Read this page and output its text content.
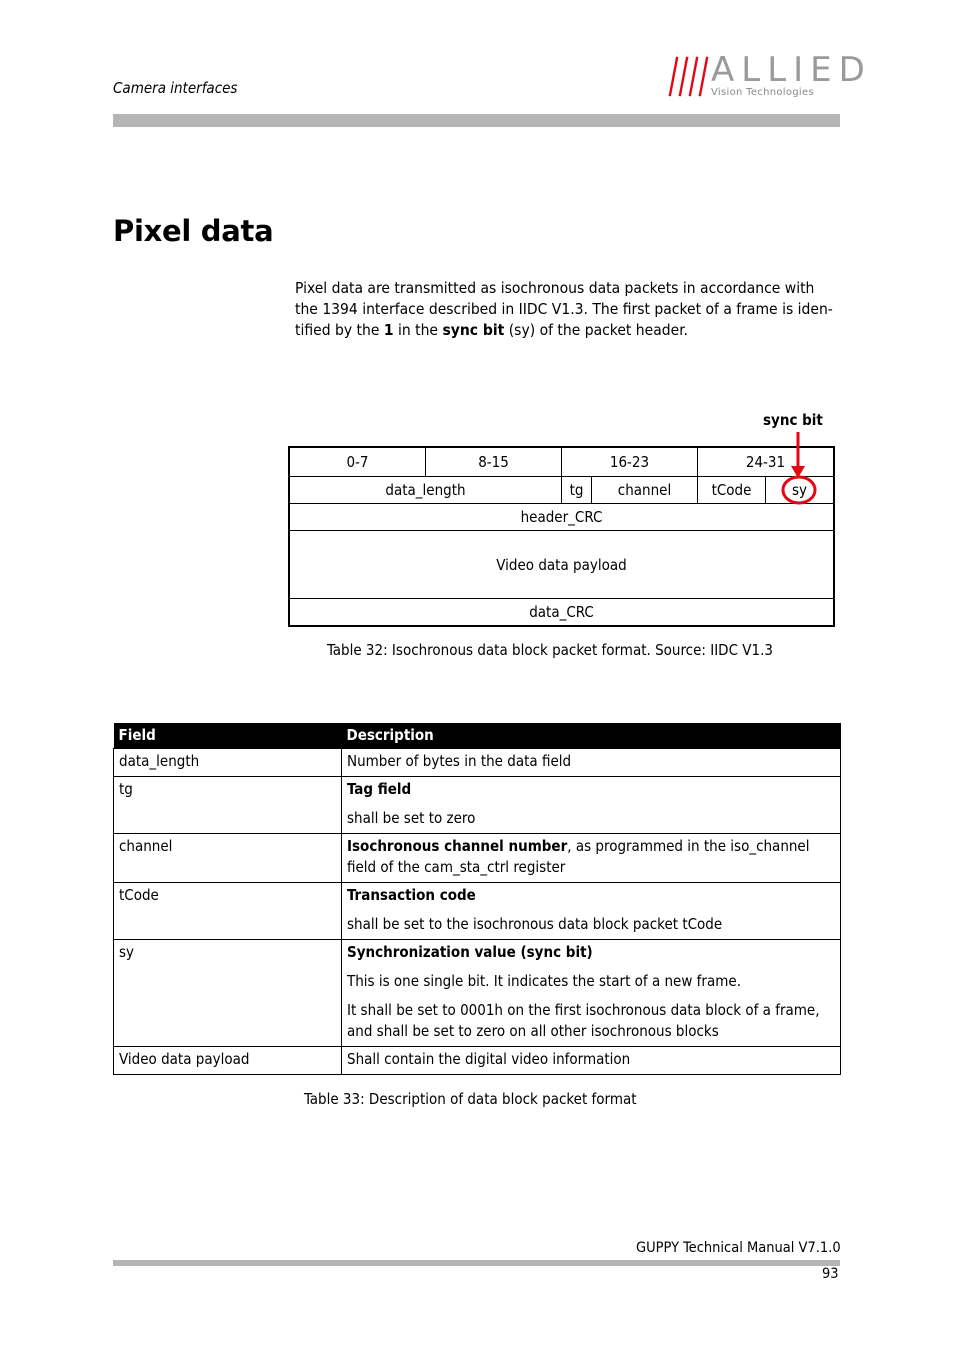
Camera interfaces	ALLIED
Vision Technologies
Pixel data

Pixel data are transmitted as isochronous data packets in accordance with

the 1394 interface described in IIDC V1.3. The first packet of a frame is iden-

tified by the 1 in the sync bit (sy) of the packet header.

sync bit
0-7	8-15	16-23	24-31
data_length	tg	channel	tCode	sy
header_CRC
Video data payload
data_CRC
Table 32: Isochronous data block packet format. Source: IIDC V1.3
Field	Description
data_length	Number of bytes in the data field

tg	Tag field

shall be set to zero

channel	Isochronous channel number, as programmed in the iso_channel
field of the cam_sta_ctrl register

tCode	Transaction code

shall be set to the isochronous data block packet tCode

sy	Synchronization value (sync bit)

This is one single bit. It indicates the start of a new frame.

It shall be set to 0001h on the first isochronous data block of a frame,
and shall be set to zero on all other isochronous blocks

Video data payload	Shall contain the digital video information

Table 33: Description of data block packet format
GUPPY Technical Manual V7.1.0
93
